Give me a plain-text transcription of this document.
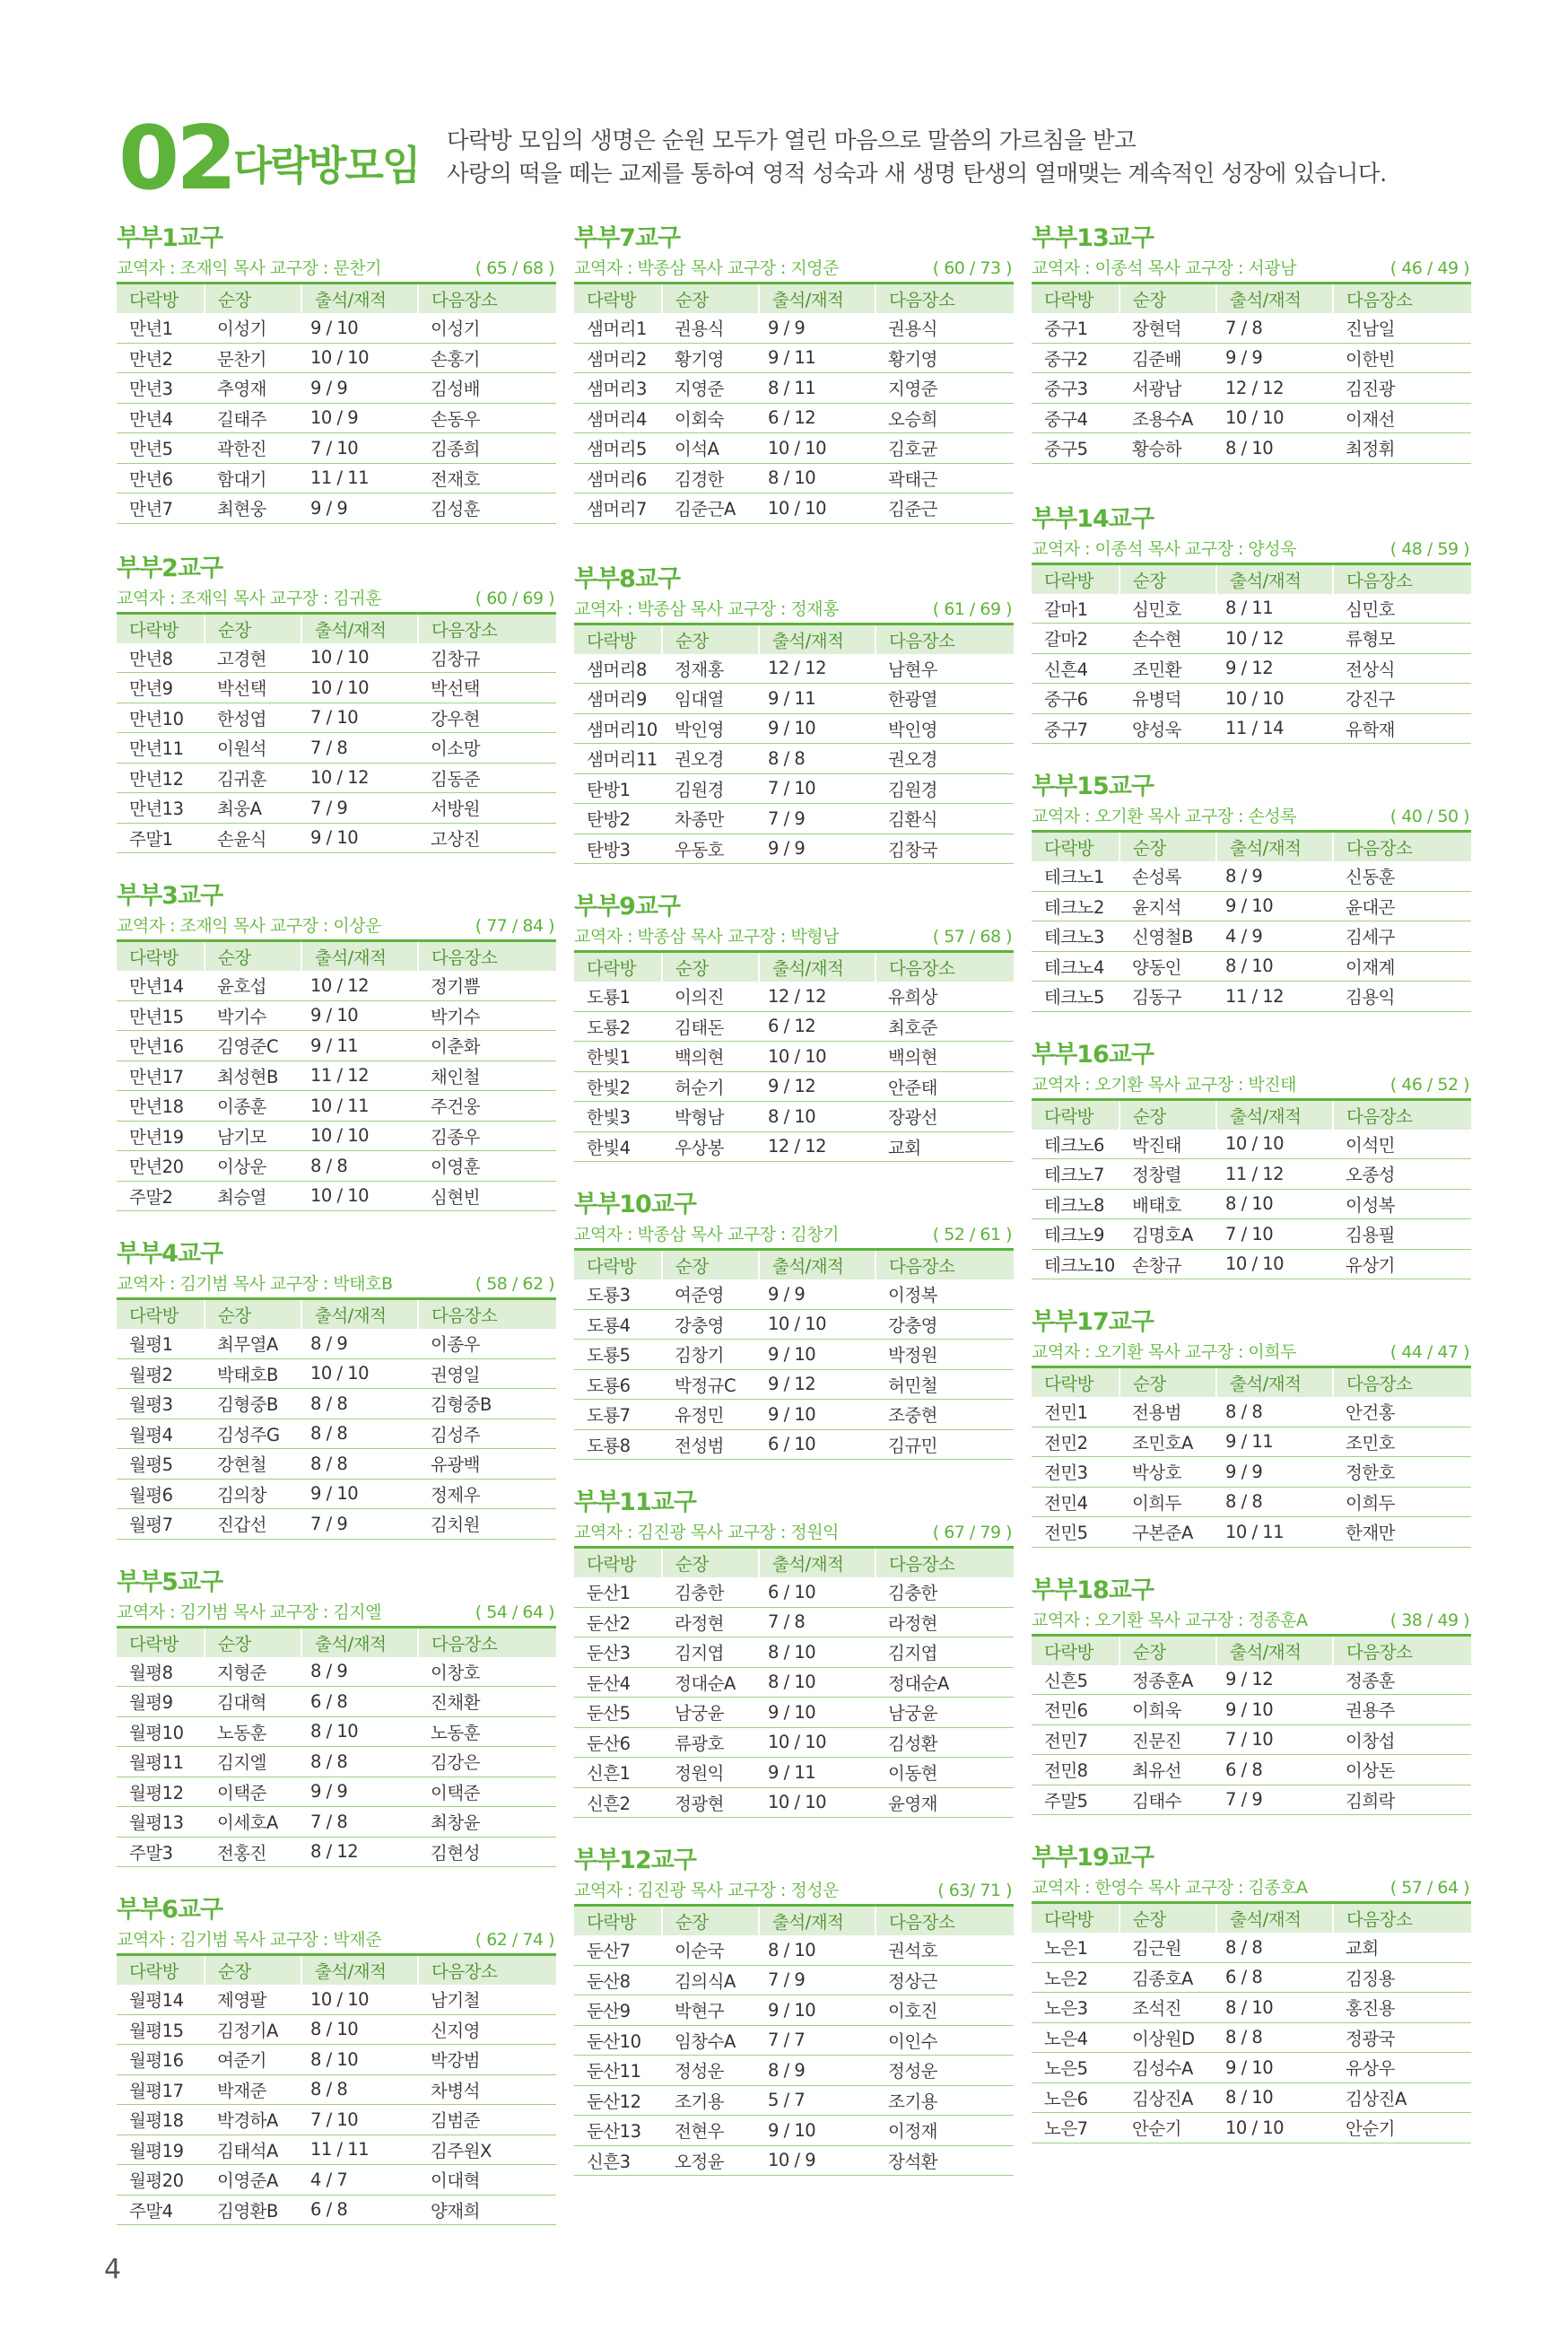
02 다락방모임
다락방 모임의 생명은 순원 모두가 열린 마음으로 말씀의 가르침을 받고
사랑의 떡을 떼는 교제를 통하여 영적 성숙과 새 생명 탄생의 열매맺는 계속적인 성장에 있습니다.
부부1교구
교역자 : 조재익 목사 교구장 : 문찬기	( 65 / 68 )
다락방	순장	출석/재적	다음장소
만년1	이성기	9 / 10	이성기
만년2	문찬기	10 / 10	손홍기
만년3	추영재	9 / 9	김성배
만년4	길태주	10 / 9	손동우
만년5	곽한진	7 / 10	김종희
만년6	함대기	11 / 11	전재호
만년7	최현웅	9 / 9	김성훈
부부2교구
교역자 : 조재익 목사 교구장 : 김귀훈	( 60 / 69 )
다락방	순장	출석/재적	다음장소
만년8	고경현	10 / 10	김창규
만년9	박선택	10 / 10	박선택
만년10	한성엽	7 / 10	강우현
만년11	이원석	7 / 8	이소망
만년12	김귀훈	10 / 12	김동준
만년13	최웅A	7 / 9	서방원
주말1	손윤식	9 / 10	고상진
부부3교구
교역자 : 조재익 목사 교구장 : 이상운	( 77 / 84 )
다락방	순장	출석/재적	다음장소
만년14	윤호섭	10 / 12	정기쁨
만년15	박기수	9 / 10	박기수
만년16	김영준C	9 / 11	이춘화
만년17	최성현B	11 / 12	채인철
만년18	이종훈	10 / 11	주건웅
만년19	남기모	10 / 10	김종우
만년20	이상운	8 / 8	이영훈
주말2	최승열	10 / 10	심현빈
부부4교구
교역자 : 김기범 목사 교구장 : 박태호B	( 58 / 62 )
다락방	순장	출석/재적	다음장소
월평1	최무열A	8 / 9	이종우
월평2	박태호B	10 / 10	권영일
월평3	김형중B	8 / 8	김형중B
월평4	김성주G	8 / 8	김성주
월평5	강현철	8 / 8	유광백
월평6	김의창	9 / 10	정제우
월평7	진갑선	7 / 9	김치원
부부5교구
교역자 : 김기범 목사 교구장 : 김지엘	( 54 / 64 )
다락방	순장	출석/재적	다음장소
월평8	지형준	8 / 9	이창호
월평9	김대혁	6 / 8	진채환
월평10	노동훈	8 / 10	노동훈
월평11	김지엘	8 / 8	김강은
월평12	이택준	9 / 9	이택준
월평13	이세호A	7 / 8	최창윤
주말3	전홍진	8 / 12	김현성
부부6교구
교역자 : 김기범 목사 교구장 : 박재준	( 62 / 74 )
다락방	순장	출석/재적	다음장소
월평14	제영팔	10 / 10	남기철
월평15	김정기A	8 / 10	신지영
월평16	여준기	8 / 10	박강범
월평17	박재준	8 / 8	차병석
월평18	박경하A	7 / 10	김범준
월평19	김태석A	11 / 11	김주원X
월평20	이영준A	4 / 7	이대혁
주말4	김영환B	6 / 8	양재희
부부7교구
교역자 : 박종삼 목사 교구장 : 지영준	( 60 / 73 )
다락방	순장	출석/재적	다음장소
샘머리1	권용식	9 / 9	권용식
샘머리2	황기영	9 / 11	황기영
샘머리3	지영준	8 / 11	지영준
샘머리4	이회숙	6 / 12	오승희
샘머리5	이석A	10 / 10	김호균
샘머리6	김경한	8 / 10	곽태근
샘머리7	김준근A	10 / 10	김준근
부부8교구
교역자 : 박종삼 목사 교구장 : 정재홍	( 61 / 69 )
다락방	순장	출석/재적	다음장소
샘머리8	정재홍	12 / 12	남현우
샘머리9	임대열	9 / 11	한광열
샘머리10	박인영	9 / 10	박인영
샘머리11	권오경	8 / 8	권오경
탄방1	김원경	7 / 10	김원경
탄방2	차종만	7 / 9	김환식
탄방3	우동호	9 / 9	김창국
부부9교구
교역자 : 박종삼 목사 교구장 : 박형남	( 57 / 68 )
다락방	순장	출석/재적	다음장소
도룡1	이의진	12 / 12	유희상
도룡2	김태돈	6 / 12	최호준
한빛1	백의현	10 / 10	백의현
한빛2	허순기	9 / 12	안준태
한빛3	박형남	8 / 10	장광선
한빛4	우상봉	12 / 12	교회
부부10교구
교역자 : 박종삼 목사 교구장 : 김창기	( 52 / 61 )
다락방	순장	출석/재적	다음장소
도룡3	여준영	9 / 9	이정복
도룡4	강충영	10 / 10	강충영
도룡5	김창기	9 / 10	박정원
도룡6	박정규C	9 / 12	허민철
도룡7	유정민	9 / 10	조중현
도룡8	전성범	6 / 10	김규민
부부11교구
교역자 : 김진광 목사 교구장 : 정원익	( 67 / 79 )
다락방	순장	출석/재적	다음장소
둔산1	김충한	6 / 10	김충한
둔산2	라정현	7 / 8	라정현
둔산3	김지엽	8 / 10	김지엽
둔산4	정대순A	8 / 10	정대순A
둔산5	남궁윤	9 / 10	남궁윤
둔산6	류광호	10 / 10	김성환
신흔1	정원익	9 / 11	이동현
신흔2	정광현	10 / 10	윤영재
부부12교구
교역자 : 김진광 목사 교구장 : 정성운	( 63/ 71 )
다락방	순장	출석/재적	다음장소
둔산7	이순국	8 / 10	권석호
둔산8	김의식A	7 / 9	정상근
둔산9	박현구	9 / 10	이호진
둔산10	임창수A	7 / 7	이인수
둔산11	정성운	8 / 9	정성운
둔산12	조기용	5 / 7	조기용
둔산13	전현우	9 / 10	이정재
신흔3	오정윤	10 / 9	장석환
부부13교구
교역자 : 이종석 목사 교구장 : 서광남	( 46 / 49 )
다락방	순장	출석/재적	다음장소
중구1	장현덕	7 / 8	진남일
중구2	김준배	9 / 9	이한빈
중구3	서광남	12 / 12	김진광
중구4	조용수A	10 / 10	이재선
중구5	황승하	8 / 10	최정휘
부부14교구
교역자 : 이종석 목사 교구장 : 양성욱	( 48 / 59 )
다락방	순장	출석/재적	다음장소
갈마1	심민호	8 / 11	심민호
갈마2	손수현	10 / 12	류형모
신흔4	조민환	9 / 12	전상식
중구6	유병덕	10 / 10	강진구
중구7	양성욱	11 / 14	유학재
부부15교구
교역자 : 오기환 목사 교구장 : 손성록	( 40 / 50 )
다락방	순장	출석/재적	다음장소
테크노1	손성록	8 / 9	신동훈
테크노2	윤지석	9 / 10	윤대곤
테크노3	신영철B	4 / 9	김세구
테크노4	양동인	8 / 10	이재계
테크노5	김동구	11 / 12	김용익
부부16교구
교역자 : 오기환 목사 교구장 : 박진태	( 46 / 52 )
다락방	순장	출석/재적	다음장소
테크노6	박진태	10 / 10	이석민
테크노7	정창렬	11 / 12	오종성
테크노8	배태호	8 / 10	이성복
테크노9	김명호A	7 / 10	김용필
테크노10	손창규	10 / 10	유상기
부부17교구
교역자 : 오기환 목사 교구장 : 이희두	( 44 / 47 )
다락방	순장	출석/재적	다음장소
전민1	전용범	8 / 8	안건홍
전민2	조민호A	9 / 11	조민호
전민3	박상호	9 / 9	정한호
전민4	이희두	8 / 8	이희두
전민5	구본준A	10 / 11	한재만
부부18교구
교역자 : 오기환 목사 교구장 : 정종훈A	( 38 / 49 )
다락방	순장	출석/재적	다음장소
신흔5	정종훈A	9 / 12	정종훈
전민6	이희욱	9 / 10	권용주
전민7	진문진	7 / 10	이창섭
전민8	최유선	6 / 8	이상돈
주말5	김태수	7 / 9	김희락
부부19교구
교역자 : 한영수 목사 교구장 : 김종호A	( 57 / 64 )
다락방	순장	출석/재적	다음장소
노은1	김근원	8 / 8	교회
노은2	김종호A	6 / 8	김징용
노은3	조석진	8 / 10	홍진용
노은4	이상원D	8 / 8	정광국
노은5	김성수A	9 / 10	유상우
노은6	김상진A	8 / 10	김상진A
노은7	안순기	10 / 10	안순기
4
